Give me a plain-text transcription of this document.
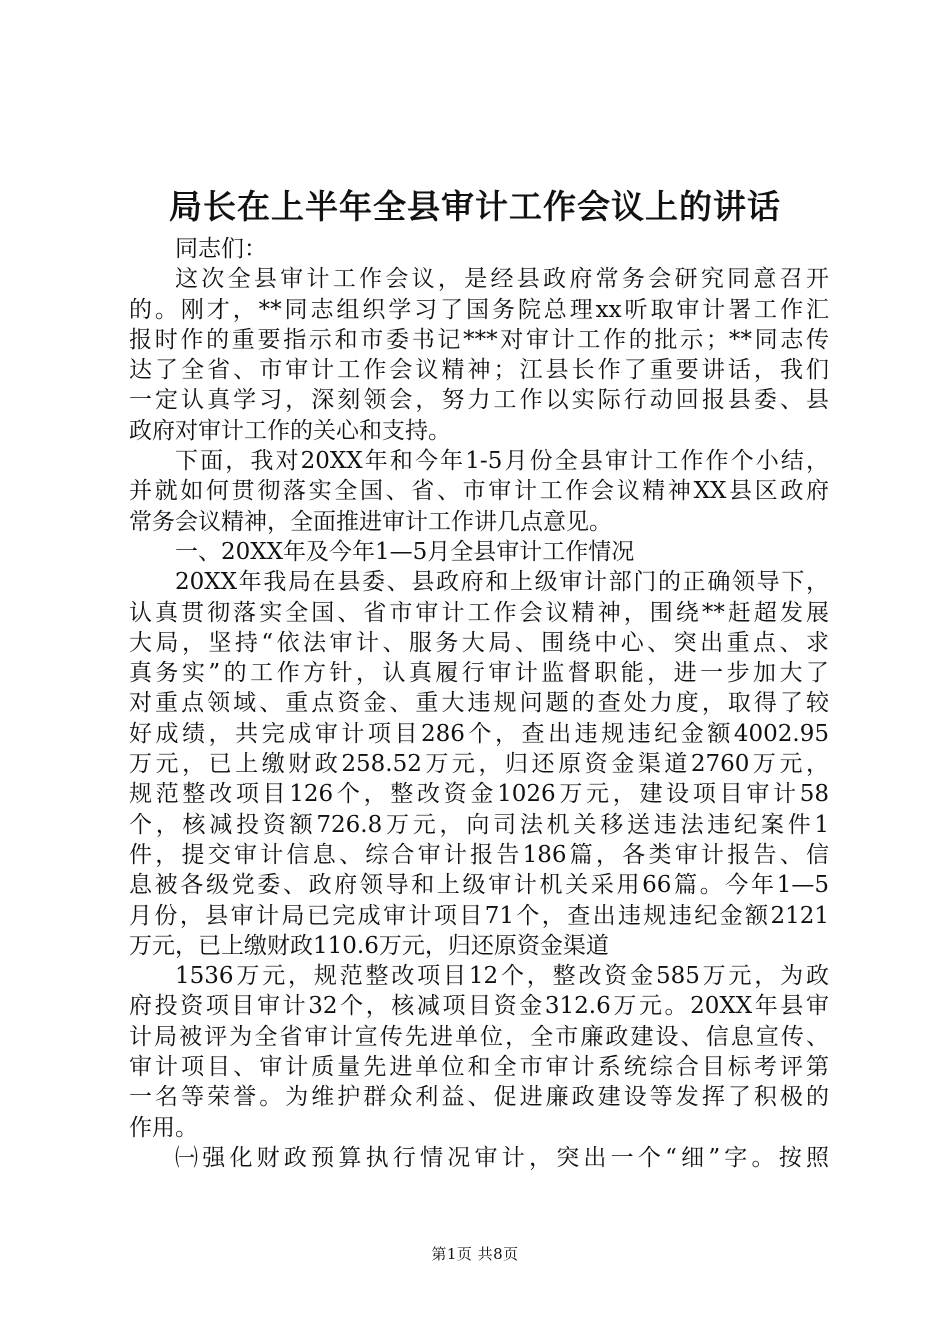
局长在上半年全县审计工作会议上的讲话
同志们：
这次全县审计工作会议，是经县政府常务会研究同意召开
的。刚才，**同志组织学习了国务院总理xx听取审计署工作汇
报时作的重要指示和市委书记***对审计工作的批示；**同志传
达了全省、市审计工作会议精神；江县长作了重要讲话，我们
一定认真学习，深刻领会，努力工作以实际行动回报县委、县
政府对审计工作的关心和支持。
下面，我对20XX年和今年1-5月份全县审计工作作个小结，
并就如何贯彻落实全国、省、市审计工作会议精神XX县区政府
常务会议精神，全面推进审计工作讲几点意见。
一、20XX年及今年1—5月全县审计工作情况
20XX年我局在县委、县政府和上级审计部门的正确领导下，
认真贯彻落实全国、省市审计工作会议精神，围绕**赶超发展
大局，坚持“依法审计、服务大局、围绕中心、突出重点、求
真务实”的工作方针，认真履行审计监督职能，进一步加大了
对重点领域、重点资金、重大违规问题的查处力度，取得了较
好成绩，共完成审计项目286个，查出违规违纪金额4002.95
万元，已上缴财政258.52万元，归还原资金渠道2760万元，
规范整改项目126个，整改资金1026万元，建设项目审计58
个，核减投资额726.8万元，向司法机关移送违法违纪案件1
件，提交审计信息、综合审计报告186篇，各类审计报告、信
息被各级党委、政府领导和上级审计机关采用66篇。今年1—5
月份，县审计局已完成审计项目71个，查出违规违纪金额2121
万元，已上缴财政110.6万元，归还原资金渠道
1536万元，规范整改项目12个，整改资金585万元，为政
府投资项目审计32个，核减项目资金312.6万元。20XX年县审
计局被评为全省审计宣传先进单位，全市廉政建设、信息宣传、
审计项目、审计质量先进单位和全市审计系统综合目标考评第
一名等荣誉。为维护群众利益、促进廉政建设等发挥了积极的
作用。
㈠强化财政预算执行情况审计，突出一个“细”字。按照
第1页 共8页
